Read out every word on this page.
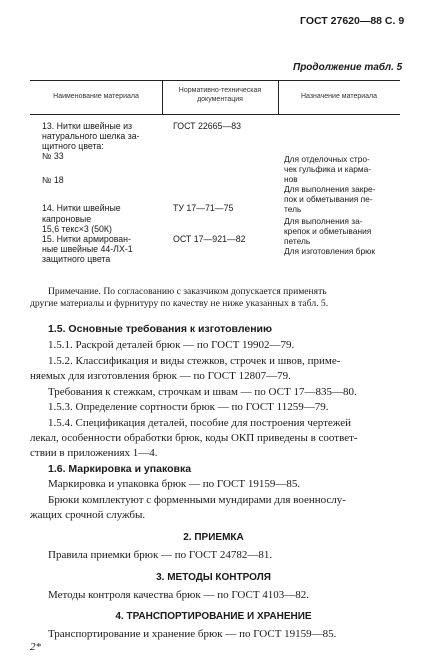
ГОСТ 27620—88 С. 9
Продолжение табл. 5
Наименование материала
Нормативно-техническая документация	Назначение материала
13. Нитки швейные из
натурального шелка за-
щитного цвета:
№ 33
№ 18
14. Нитки швейные
капроновые
15,6 текс×3 (50К)
15. Нитки армирован-
ные швейные 44-ЛХ-1
защитного цвета
ГОСТ 22665—83
ТУ 17—71—75
ОСТ 17—921—82
Для отделочных стро-
чек гульфика и карма-
нов
Для выполнения закре-
пок и обметывания пе-
тель
Для выполнения за-
крепок и обметывания
петель
Для изготовления брюк
Примечание. По согласованию с заказчиком допускается применять
другие материалы и фурнитуру по качеству не ниже указанных в табл. 5.
1.5. Основные требования к изготовлению
1.5.1. Раскрой деталей брюк — по ГОСТ 19902—79.
1.5.2. Классификация и виды стежков, строчек и швов, приме-
няемых для изготовления брюк — по ГОСТ 12807—79.
Требования к стежкам, строчкам и швам — по ОСТ 17—835—80.
1.5.3. Определение сортности брюк — по ГОСТ 11259—79.
1.5.4. Спецификация деталей, пособие для построения чертежей
лекал, особенности обработки брюк, коды ОКП приведены в соответ-
ствии в приложениях 1—4.
1.6. Маркировка и упаковка
Маркировка и упаковка брюк — по ГОСТ 19159—85.
Брюки комплектуют с форменными мундирами для военнослу-
жащих срочной службы.
2. ПРИЕМКА
Правила приемки брюк — по ГОСТ 24782—81.
3. МЕТОДЫ КОНТРОЛЯ
Методы контроля качества брюк — по ГОСТ 4103—82.
4. ТРАНСПОРТИРОВАНИЕ И ХРАНЕНИЕ
Транспортирование и хранение брюк — по ГОСТ 19159—85.
2*
